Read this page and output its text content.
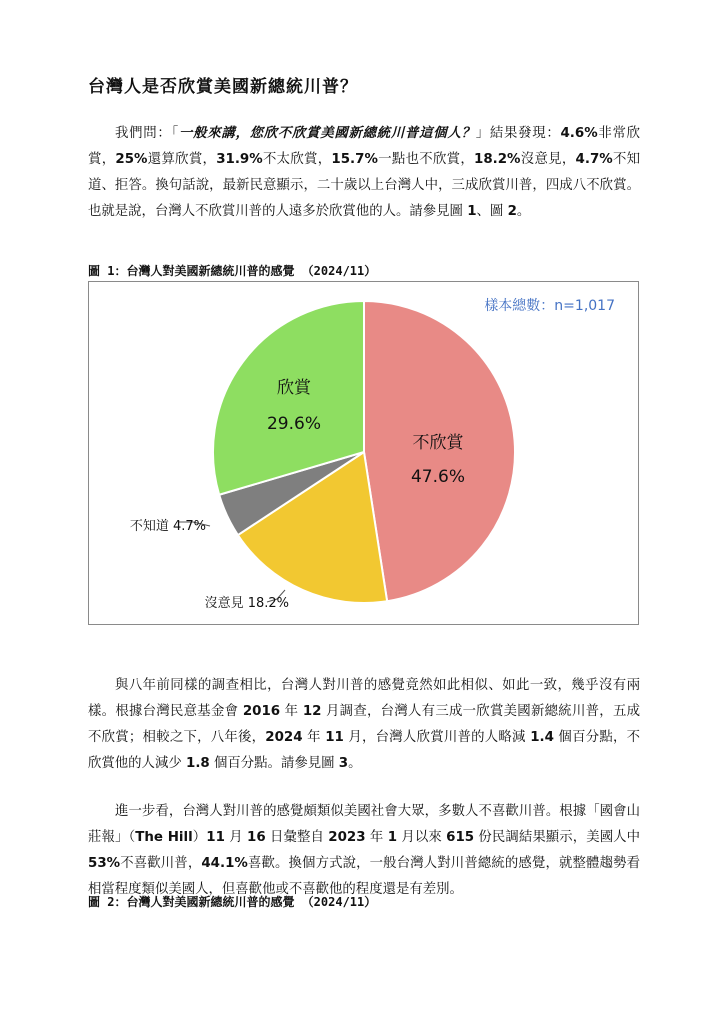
台灣人是否欣賞美國新總統川普？

我們問：「一般來講，您欣不欣賞美國新總統川普這個人？」結果發現：4.6%非常欣賞，25%還算欣賞，31.9%不太欣賞，15.7%一點也不欣賞，18.2%沒意見，4.7%不知道、拒答。換句話說，最新民意顯示，二十歲以上台灣人中，三成欣賞川普，四成八不欣賞。也就是說，台灣人不欣賞川普的人遠多於欣賞他的人。請參見圖 1、圖 2。

圖 1：台灣人對美國新總統川普的感覺 （2024/11）
樣本總數：n=1,017
不欣賞
47.6%
欣賞
29.6%
不知道 4.7%
沒意見 18.2%

與八年前同樣的調查相比，台灣人對川普的感覺竟然如此相似、如此一致，幾乎沒有兩樣。根據台灣民意基金會 2016 年 12 月調查，台灣人有三成一欣賞美國新總統川普，五成不欣賞；相較之下，八年後，2024 年 11 月，台灣人欣賞川普的人略減 1.4 個百分點，不欣賞他的人減少 1.8 個百分點。請參見圖 3。

進一步看，台灣人對川普的感覺頗類似美國社會大眾，多數人不喜歡川普。根據「國會山莊報」（The Hill）11 月 16 日彙整自 2023 年 1 月以來 615 份民調結果顯示，美國人中 53%不喜歡川普，44.1%喜歡。換個方式說，一般台灣人對川普總統的感覺，就整體趨勢看相當程度類似美國人，但喜歡他或不喜歡他的程度還是有差別。

圖 2：台灣人對美國新總統川普的感覺 （2024/11）
